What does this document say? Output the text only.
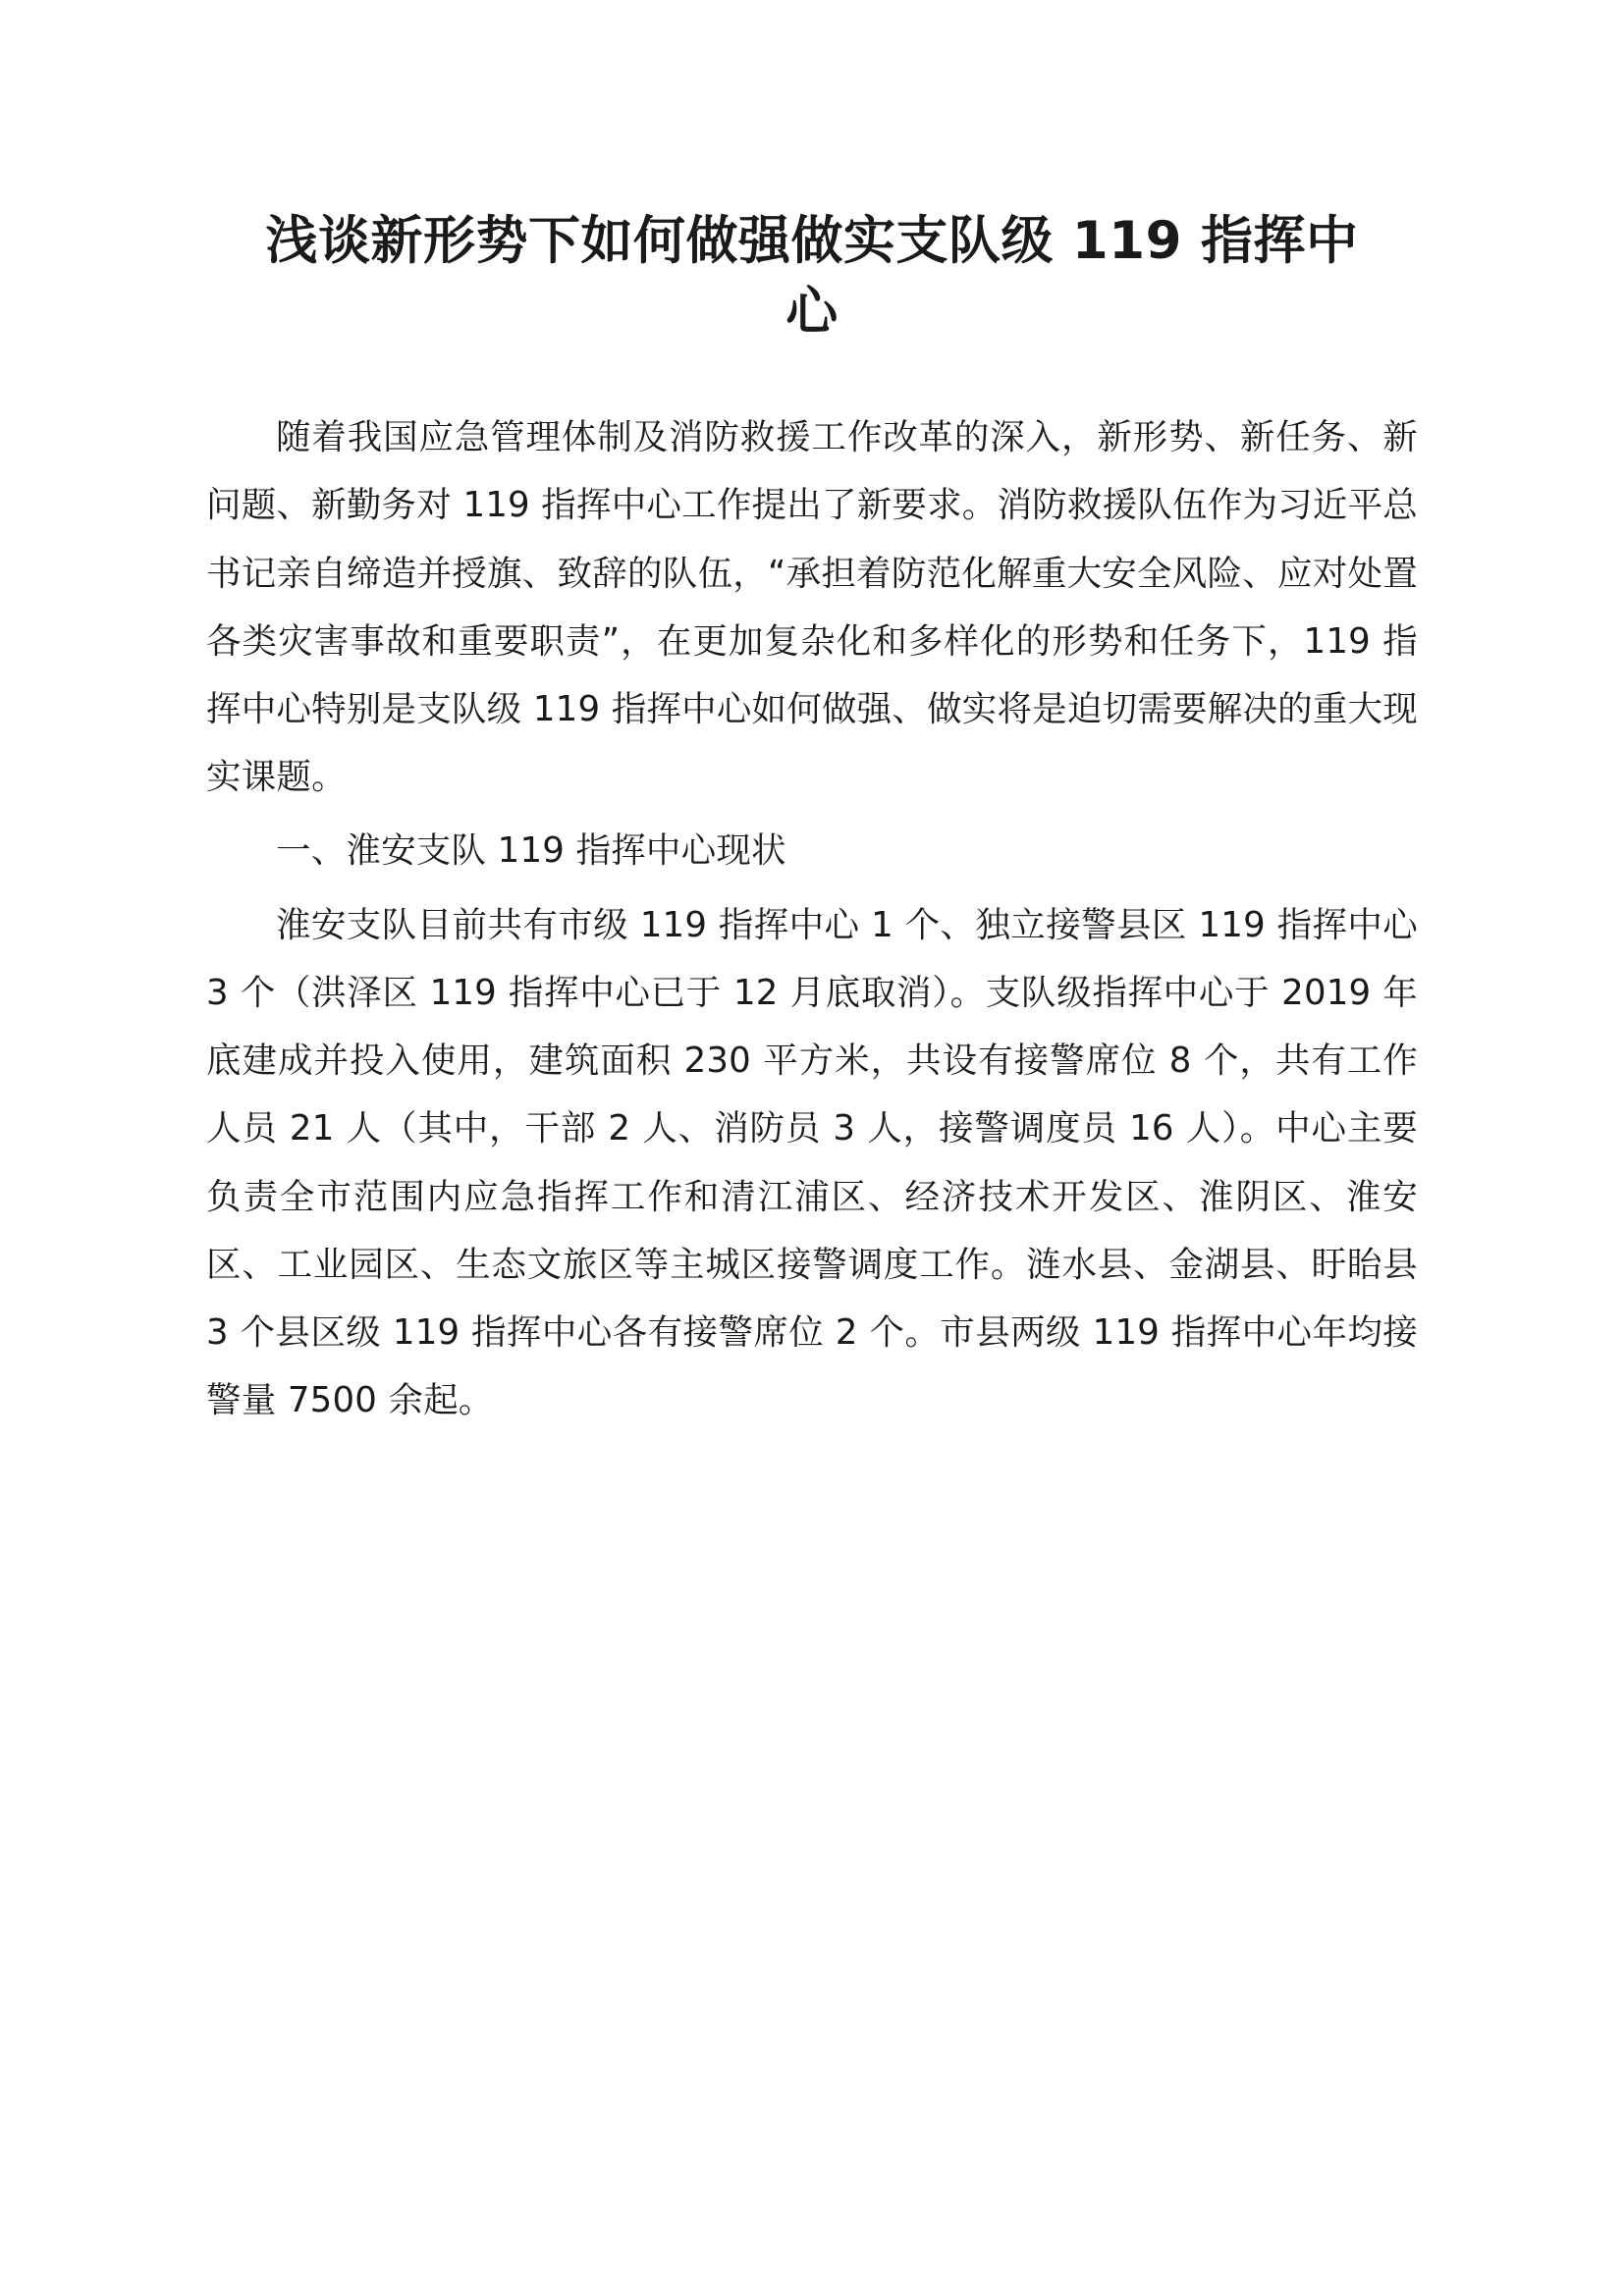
浅谈新形势下如何做强做实支队级 119 指挥中心

随着我国应急管理体制及消防救援工作改革的深入，新形势、新任务、新问题、新勤务对 119 指挥中心工作提出了新要求。消防救援队伍作为习近平总书记亲自缔造并授旗、致辞的队伍，“承担着防范化解重大安全风险、应对处置各类灾害事故和重要职责”，在更加复杂化和多样化的形势和任务下，119 指挥中心特别是支队级 119 指挥中心如何做强、做实将是迫切需要解决的重大现实课题。

一、淮安支队 119 指挥中心现状

淮安支队目前共有市级 119 指挥中心 1 个、独立接警县区 119 指挥中心 3 个（洪泽区 119 指挥中心已于 12 月底取消）。支队级指挥中心于 2019 年底建成并投入使用，建筑面积 230 平方米，共设有接警席位 8 个，共有工作人员 21 人（其中，干部 2 人、消防员 3 人，接警调度员 16 人）。中心主要负责全市范围内应急指挥工作和清江浦区、经济技术开发区、淮阴区、淮安区、工业园区、生态文旅区等主城区接警调度工作。涟水县、金湖县、盱眙县 3 个县区级 119 指挥中心各有接警席位 2 个。市县两级 119 指挥中心年均接警量 7500 余起。
